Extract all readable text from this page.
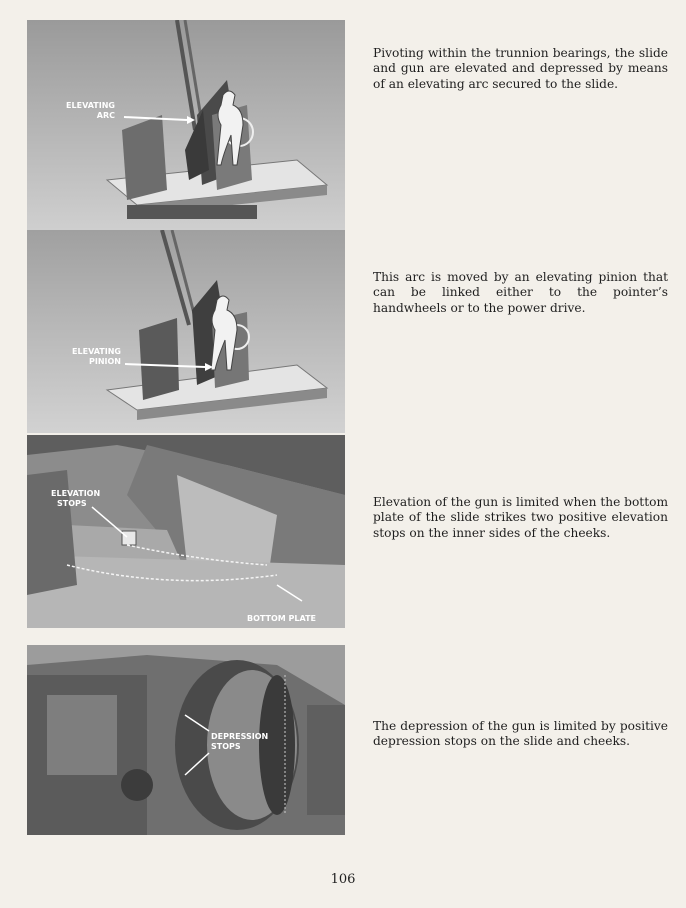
ELEVATING
ARC
ELEVATING
PINION
ELEVATION
STOPS
BOTTOM PLATE
DEPRESSION
STOPS

Pivoting within the trunnion bearings, the slide and gun are elevated and depressed by means of an elevating arc secured to the slide.

This arc is moved by an elevating pinion that can be linked either to the pointer’s handwheels or to the power drive.

Elevation of the gun is limited when the bottom plate of the slide strikes two positive elevation stops on the inner sides of the cheeks.

The depression of the gun is limited by positive depression stops on the slide and cheeks.

106
